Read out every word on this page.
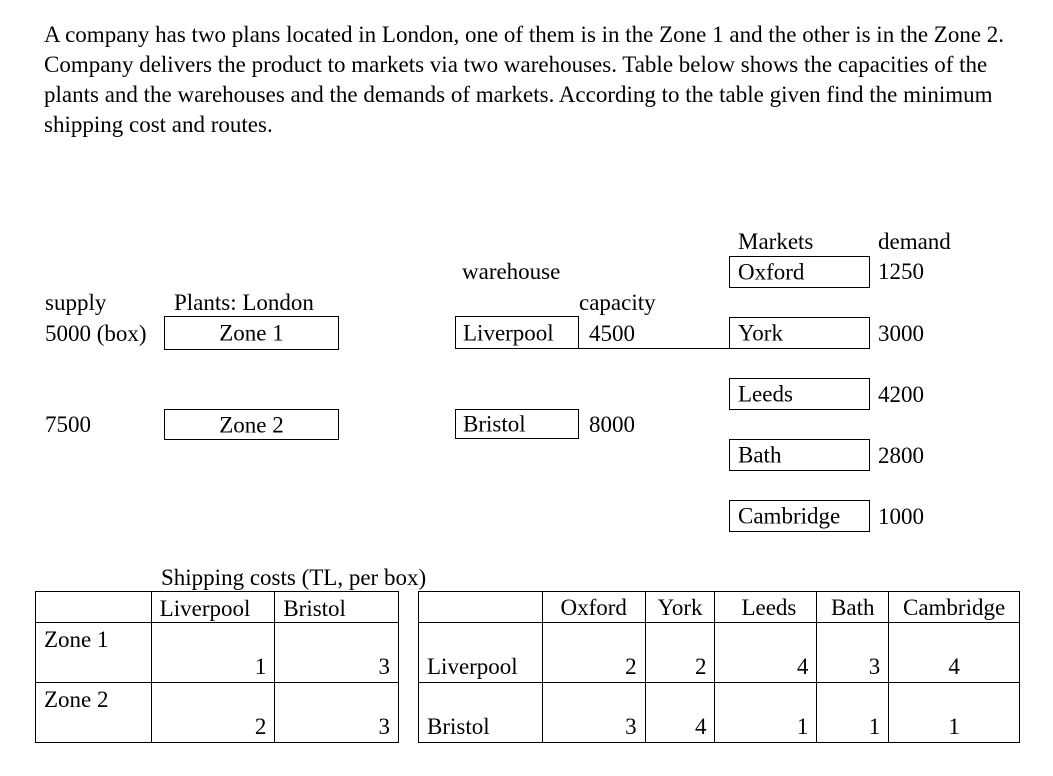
A company has two plans located in London, one of them is in the Zone 1 and the other is in the Zone 2. Company delivers the product to markets via two warehouses. Table below shows the capacities of the plants and the warehouses and the demands of markets. According to the table given find the minimum shipping cost and routes.
supply	Plants: London
warehouse
capacity
Markets	demand
5000 (box)	Zone 1
7500	Zone 2
Liverpool 4500
Bristol	8000
Oxford	1250
York	3000
Leeds	4200
Bath	2800
Cambridge 1000
Shipping costs (TL, per box)

	Liverpool	Bristol

Zone 1	1	3

Zone 2	2	3

	Oxford	York	Leeds	Bath	Cambridge

Liverpool	2	2	4	3	4

Bristol	3	4	1	1	1
